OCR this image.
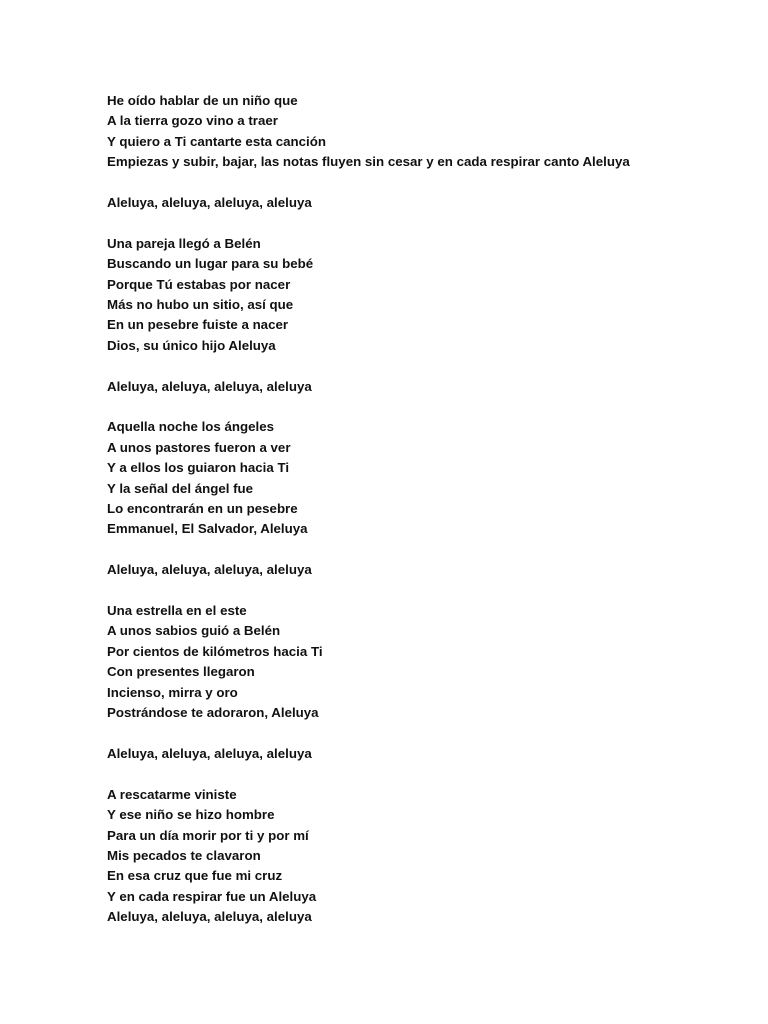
He oído hablar de un niño que
A la tierra gozo vino a traer
Y quiero a Ti cantarte esta canción
Empiezas y subir, bajar, las notas fluyen sin cesar y en cada respirar canto Aleluya
Aleluya, aleluya, aleluya, aleluya
Una pareja llegó a Belén
Buscando un lugar para su bebé
Porque Tú estabas por nacer
Más no hubo un sitio, así que
En un pesebre fuiste a nacer
Dios, su único hijo Aleluya
Aleluya, aleluya, aleluya, aleluya
Aquella noche los ángeles
A unos pastores fueron a ver
Y a ellos los guiaron hacia Ti
Y la señal del ángel fue
Lo encontrarán en un pesebre
Emmanuel, El Salvador, Aleluya
Aleluya, aleluya, aleluya, aleluya
Una estrella en el este
A unos sabios guió a Belén
Por cientos de kilómetros hacia Ti
Con presentes llegaron
Incienso, mirra y oro
Postrándose te adoraron, Aleluya
Aleluya, aleluya, aleluya, aleluya
A rescatarme viniste
Y ese niño se hizo hombre
Para un día morir por ti y por mí
Mis pecados te clavaron
En esa cruz que fue mi cruz
Y en cada respirar fue un Aleluya
Aleluya, aleluya, aleluya, aleluya
